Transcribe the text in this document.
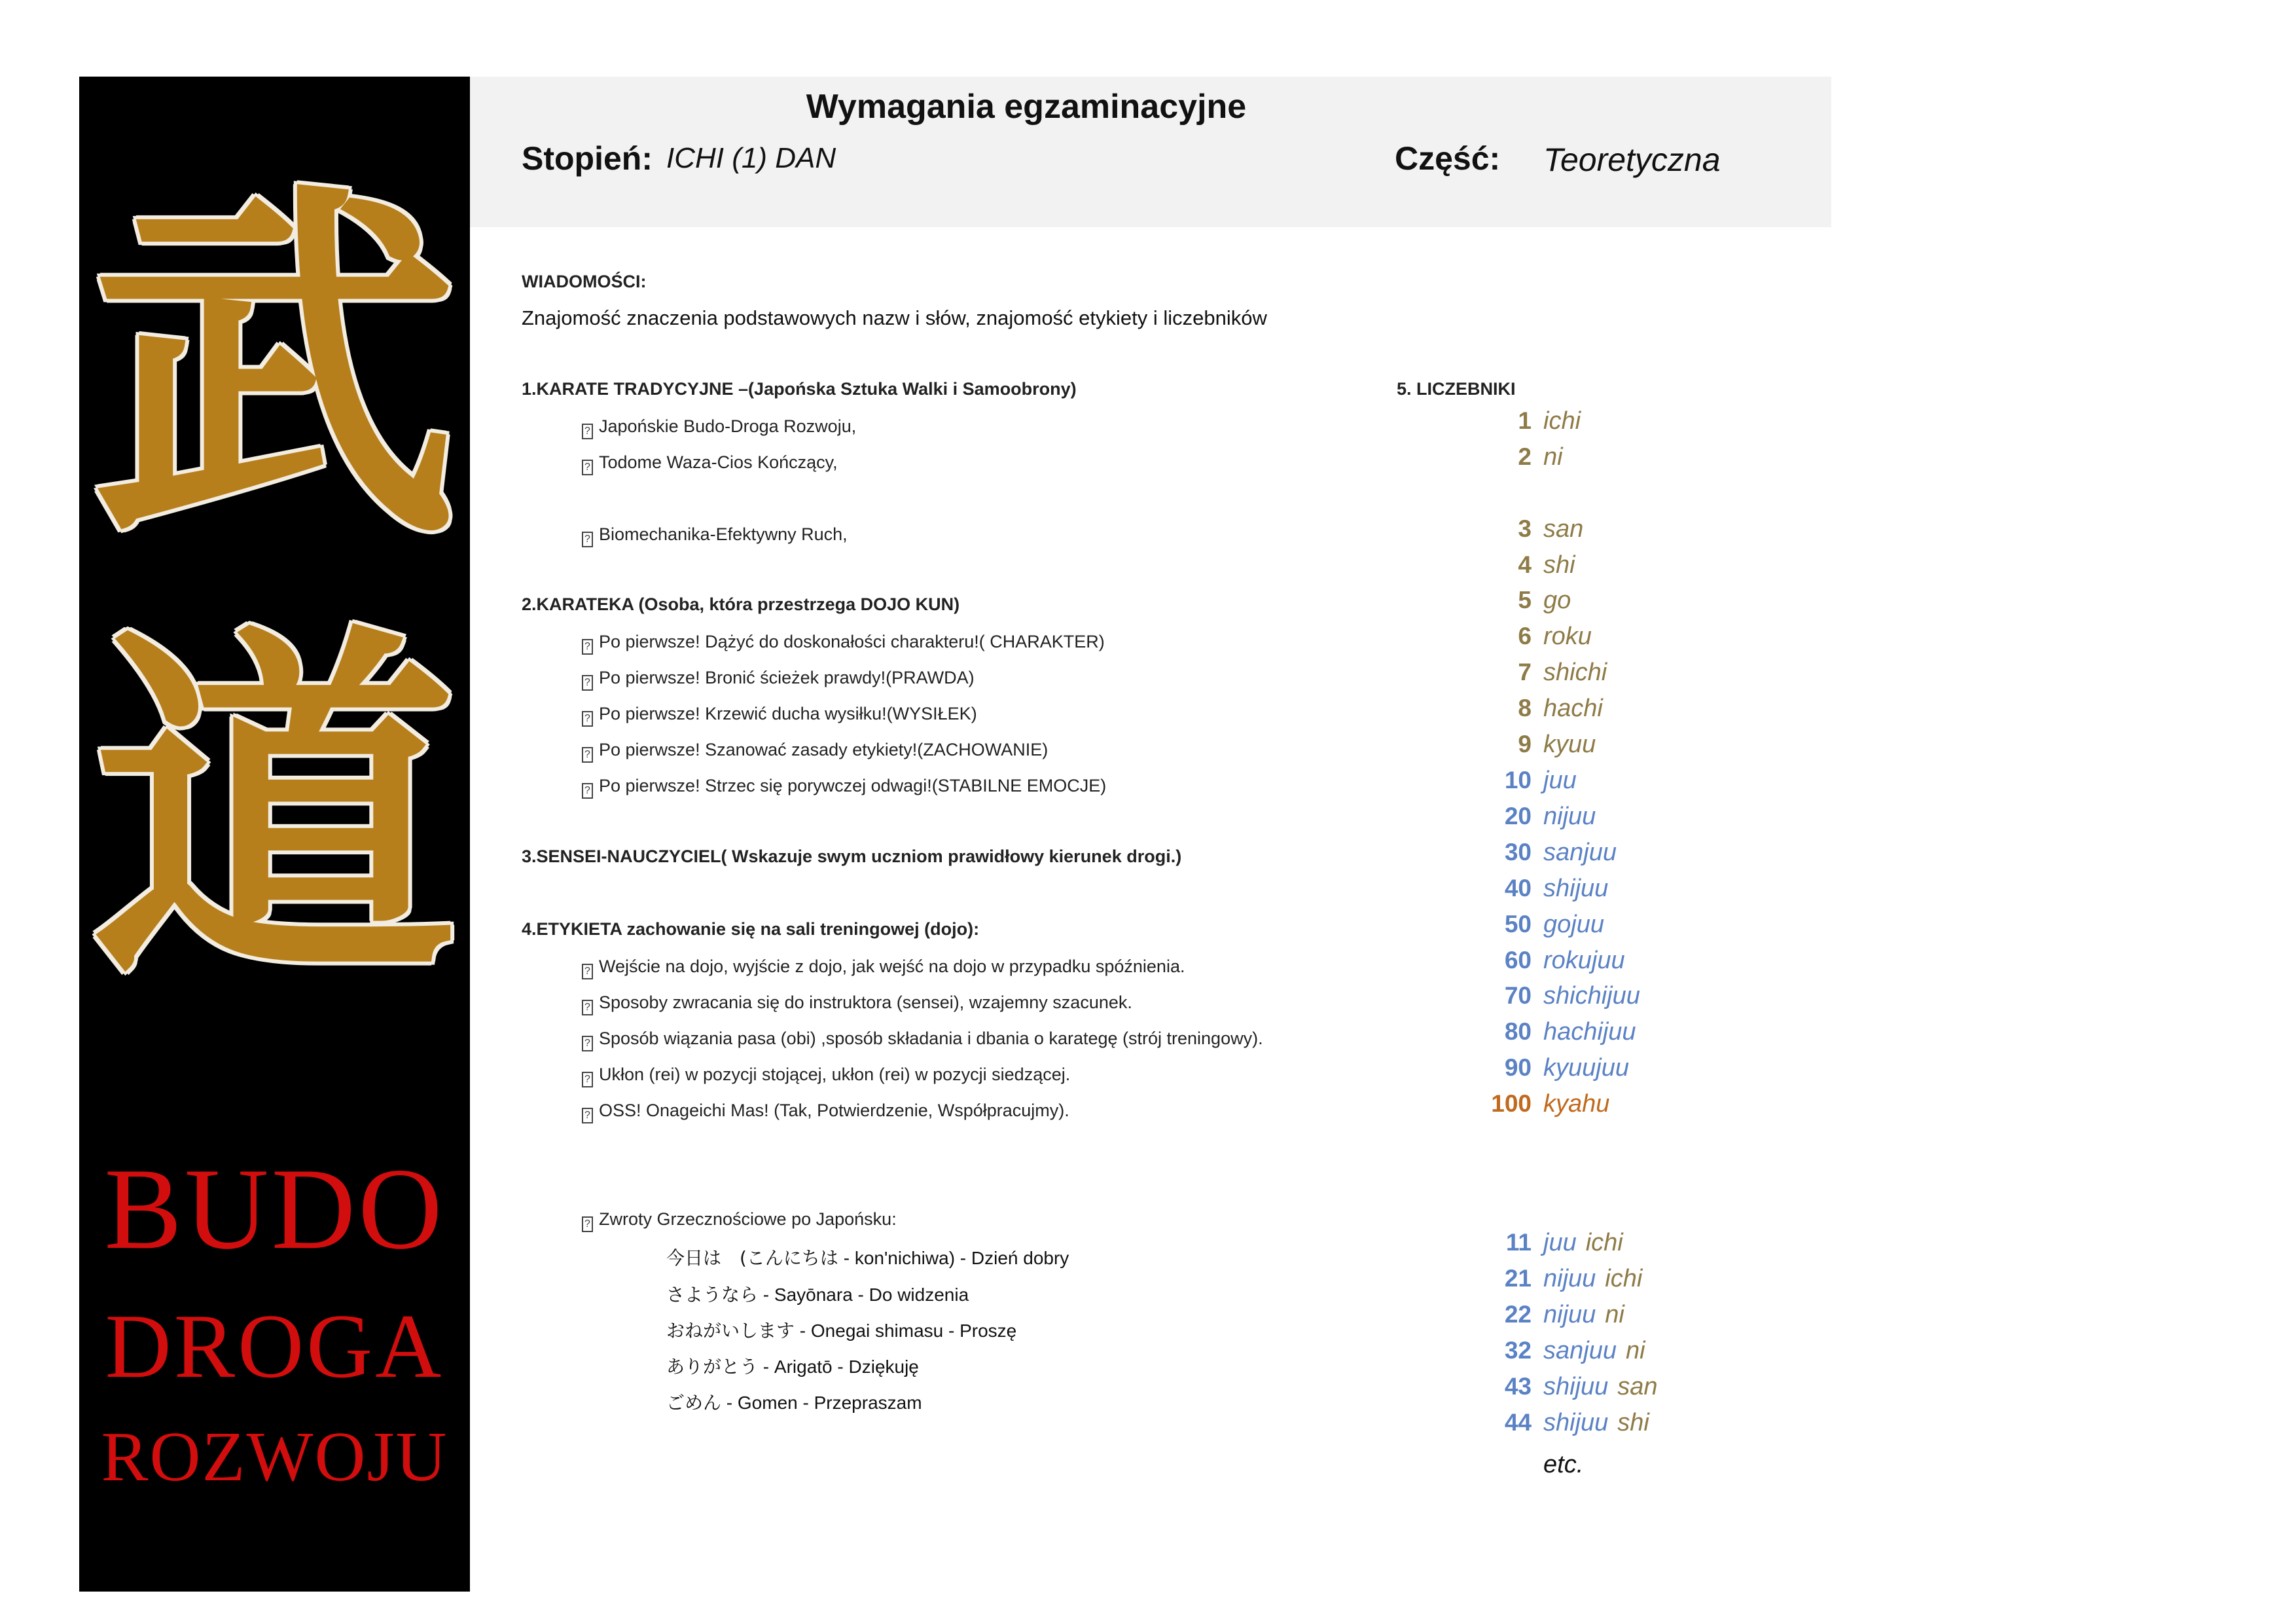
武
道
BUDO
DROGA
ROZWOJU
Wymagania egzaminacyjne
Stopień: ICHI (1) DAN	Część: Teoretyczna
WIADOMOŚCI:
Znajomość znaczenia podstawowych nazw i słów, znajomość etykiety i liczebników
1.KARATE TRADYCYJNE –(Japońska Sztuka Walki i Samoobrony)
? Japońskie Budo-Droga Rozwoju,
? Todome Waza-Cios Kończący,
? Biomechanika-Efektywny Ruch,
2.KARATEKA (Osoba, która przestrzega DOJO KUN)
? Po pierwsze! Dążyć do doskonałości charakteru!( CHARAKTER)
? Po pierwsze! Bronić ścieżek prawdy!(PRAWDA)
? Po pierwsze! Krzewić ducha wysiłku!(WYSIŁEK)
? Po pierwsze! Szanować zasady etykiety!(ZACHOWANIE)
? Po pierwsze! Strzec się porywczej odwagi!(STABILNE EMOCJE)
3.SENSEI-NAUCZYCIEL( Wskazuje swym uczniom prawidłowy kierunek drogi.)
4.ETYKIETA zachowanie się na sali treningowej (dojo):
? Wejście na dojo, wyjście z dojo, jak wejść na dojo w przypadku spóźnienia.
? Sposoby zwracania się do instruktora (sensei), wzajemny szacunek.
? Sposób wiązania pasa (obi) ,sposób składania i dbania o karategę (strój treningowy).
? Ukłon (rei) w pozycji stojącej, ukłon (rei) w pozycji siedzącej.
? OSS! Onageichi Mas! (Tak, Potwierdzenie, Współpracujmy).
? Zwroty Grzecznościowe po Japońsku:
今日は　(こんにちは - kon'nichiwa) - Dzień dobry
さようなら - Sayōnara - Do widzenia
おねがいします - Onegai shimasu - Proszę
ありがとう - Arigatō - Dziękuję
ごめん - Gomen - Przepraszam
5. LICZEBNIKI
1 ichi
2 ni
3 san
4 shi
5 go
6 roku
7 shichi
8 hachi
9 kyuu
10 juu
20 nijuu
30 sanjuu
40 shijuu
50 gojuu
60 rokujuu
70 shichijuu
80 hachijuu
90 kyuujuu
100 kyahu
11 juu ichi
21 nijuu ichi
22 nijuu ni
32 sanjuu ni
43 shijuu san
44 shijuu shi
etc.
